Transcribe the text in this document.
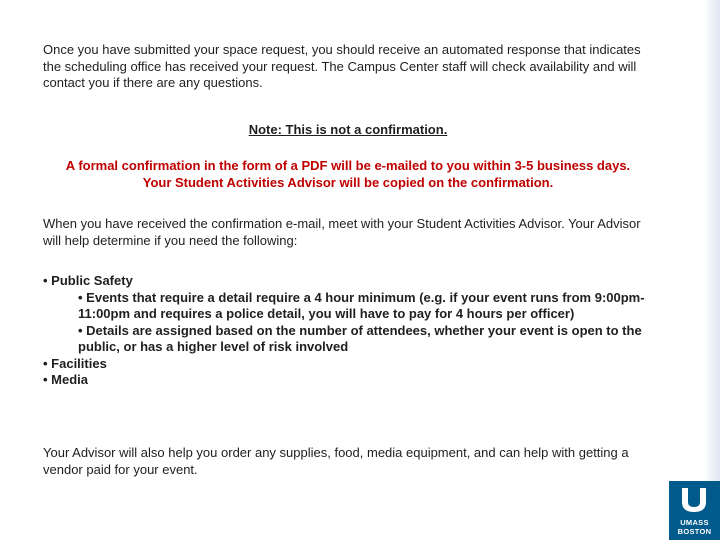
Once you have submitted your space request, you should receive an automated response that indicates the scheduling office has received your request. The Campus Center staff will check availability and will contact you if there are any questions.

Note: This is not a confirmation.

A formal confirmation in the form of a PDF will be e-mailed to you within 3-5 business days.
Your Student Activities Advisor will be copied on the confirmation.

When you have received the confirmation e-mail, meet with your Student Activities Advisor. Your Advisor will help determine if you need the following:

• Public Safety

• Events that require a detail require a 4 hour minimum (e.g. if your event runs from 9:00pm-11:00pm and requires a police detail, you will have to pay for 4 hours per officer)

• Details are assigned based on the number of attendees, whether your event is open to the public, or has a higher level of risk involved

• Facilities

• Media

Your Advisor will also help you order any supplies, food, media equipment, and can help with getting a vendor paid for your event.

UMASS
BOSTON
